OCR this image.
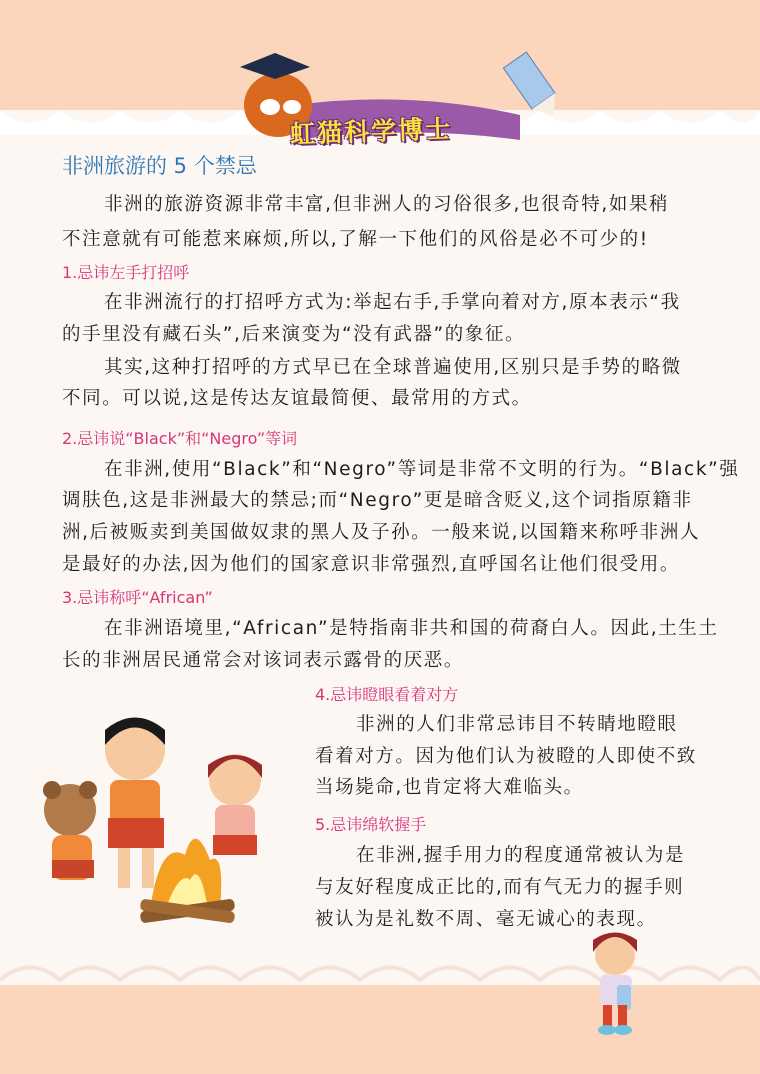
虹猫科学博士
非洲旅游的 5 个禁忌
非洲的旅游资源非常丰富,但非洲人的习俗很多,也很奇特,如果稍
不注意就有可能惹来麻烦,所以,了解一下他们的风俗是必不可少的!
1.忌讳左手打招呼
在非洲流行的打招呼方式为:举起右手,手掌向着对方,原本表示“我
的手里没有藏石头”,后来演变为“没有武器”的象征。
其实,这种打招呼的方式早已在全球普遍使用,区别只是手势的略微
不同。可以说,这是传达友谊最简便、最常用的方式。
2.忌讳说“Black”和“Negro”等词
在非洲,使用“Black”和“Negro”等词是非常不文明的行为。“Black”强
调肤色,这是非洲最大的禁忌;而“Negro”更是暗含贬义,这个词指原籍非
洲,后被贩卖到美国做奴隶的黑人及子孙。一般来说,以国籍来称呼非洲人
是最好的办法,因为他们的国家意识非常强烈,直呼国名让他们很受用。
3.忌讳称呼“African”
在非洲语境里,“African”是特指南非共和国的荷裔白人。因此,土生土
长的非洲居民通常会对该词表示露骨的厌恶。
4.忌讳瞪眼看着对方
非洲的人们非常忌讳目不转睛地瞪眼
看着对方。因为他们认为被瞪的人即使不致
当场毙命,也肯定将大难临头。
5.忌讳绵软握手
在非洲,握手用力的程度通常被认为是
与友好程度成正比的,而有气无力的握手则
被认为是礼数不周、毫无诚心的表现。
